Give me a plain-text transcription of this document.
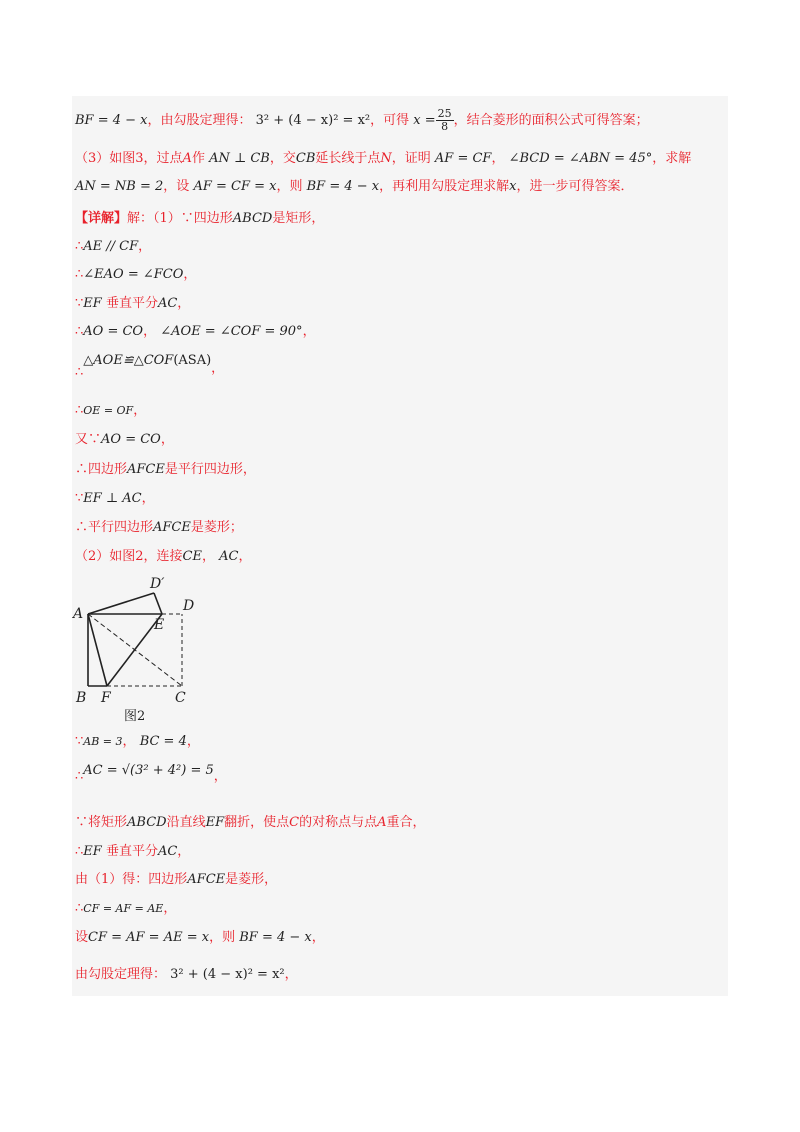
BF = 4 − x，由勾股定理得： 3² + (4 − x)² = x²，可得 $x = \frac{25}{8}$ ，结合菱形的面积公式可得答案；
（3）如图3，过点A作 AN ⊥ CB，交CB延长线于点N，证明 AF = CF， ∠BCD = ∠ABN = 45°，求解
AN = NB = 2，设 AF = CF = x，则 BF = 4 − x，再利用勾股定理求解x，进一步可得答案．
【详解】解：（1）∵四边形ABCD是矩形，
∴AE // CF，
∴∠EAO = ∠FCO，
∵EF 垂直平分AC，
∴AO = CO， ∠AOE = ∠COF = 90°，
∴△AOE≌△COF(ASA)，
∴OE = OF，
又∵AO = CO，
∴四边形AFCE是平行四边形，
∵EF ⊥ AC，
∴平行四边形AFCE是菱形；
（2）如图2，连接CE， AC，
A
D′
D
E
B F	C
图2
∵AB = 3， BC = 4，
∴AC = √(3² + 4²) = 5，
∵将矩形ABCD沿直线EF翻折，使点C的对称点与点A重合，
∴EF 垂直平分AC，
由（1）得：四边形AFCE是菱形，
∴CF = AF = AE，
设CF = AF = AE = x，则 BF = 4 − x，
由勾股定理得： 3² + (4 − x)² = x²，
